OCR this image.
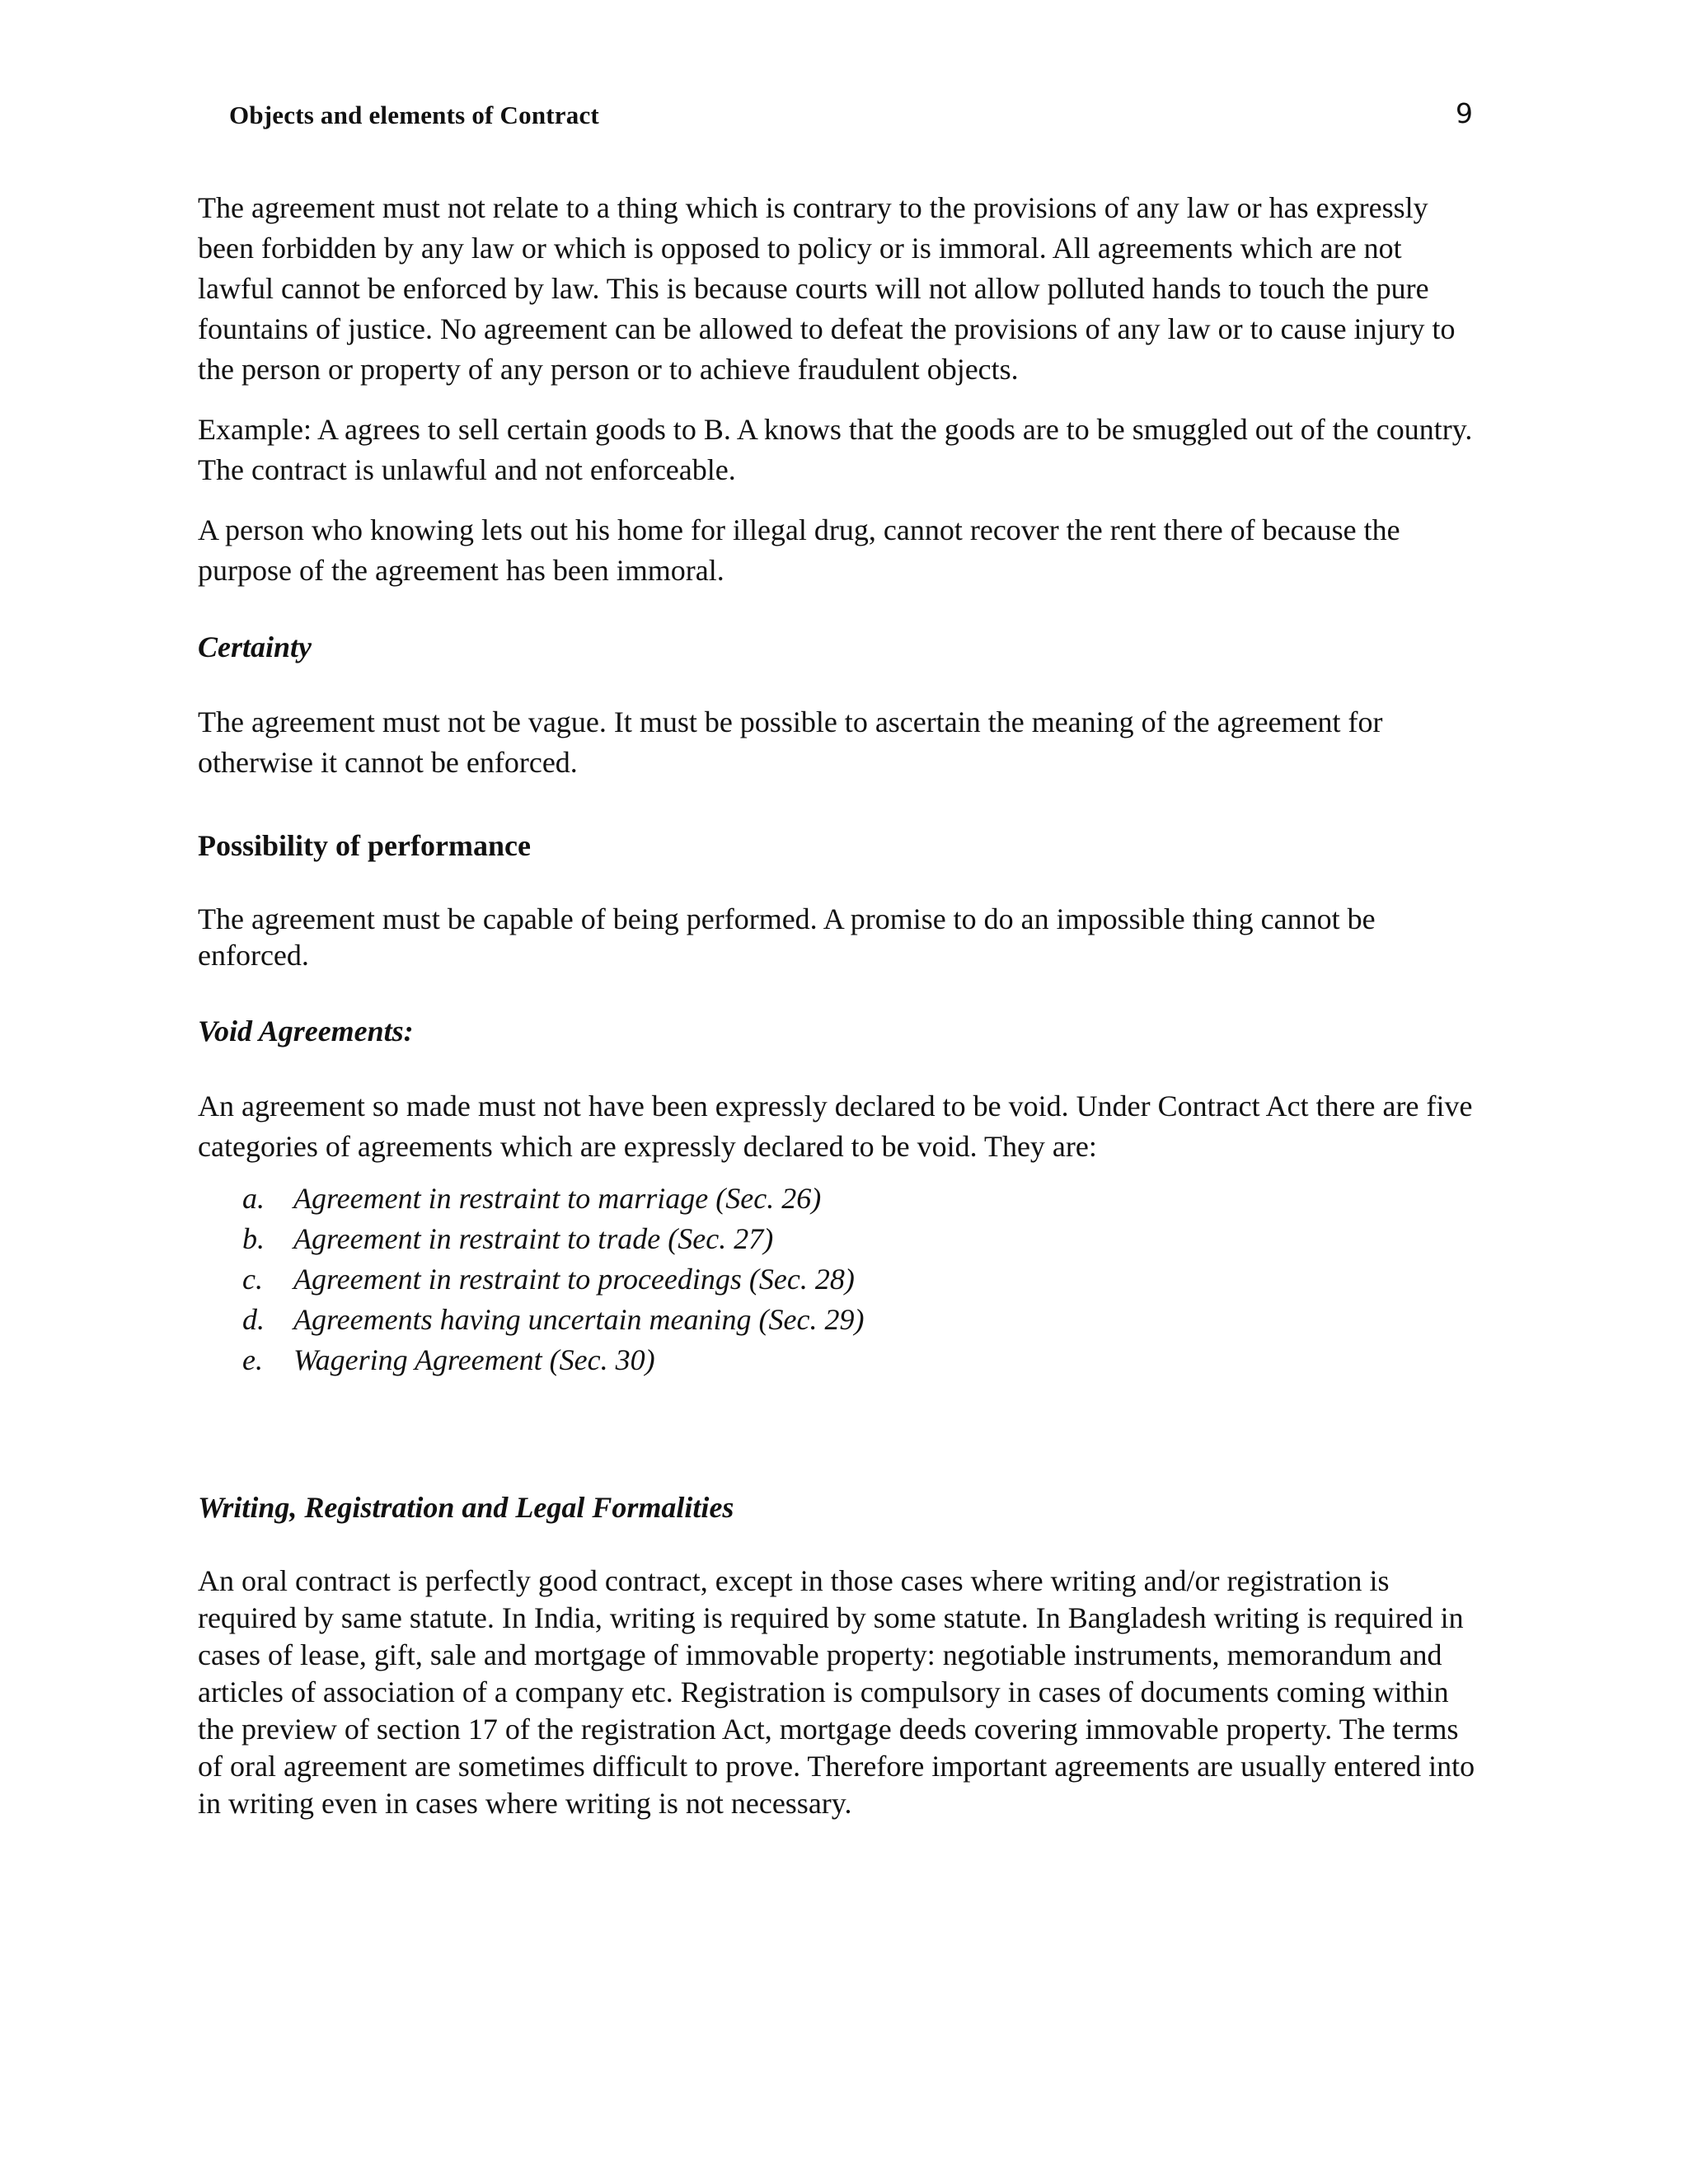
Objects and elements of Contract	9

The agreement must not relate to a thing which is contrary to the provisions of any law or has expressly been forbidden by any law or which is opposed to policy or is immoral. All agreements which are not lawful cannot be enforced by law. This is because courts will not allow polluted hands to touch the pure fountains of justice. No agreement can be allowed to defeat the provisions of any law or to cause injury to the person or property of any person or to achieve fraudulent objects.

Example: A agrees to sell certain goods to B. A knows that the goods are to be smuggled out of the country. The contract is unlawful and not enforceable.

A person who knowing lets out his home for illegal drug, cannot recover the rent there of because the purpose of the agreement has been immoral.

Certainty

The agreement must not be vague. It must be possible to ascertain the meaning of the agreement for otherwise it cannot be enforced.

Possibility of performance

The agreement must be capable of being performed. A promise to do an impossible thing cannot be enforced.

Void Agreements:

An agreement so made must not have been expressly declared to be void. Under Contract Act there are five categories of agreements which are expressly declared to be void. They are:

a. Agreement in restraint to marriage (Sec. 26)
b. Agreement in restraint to trade (Sec. 27)
c.	Agreement in restraint to proceedings (Sec. 28)
d. Agreements having uncertain meaning (Sec. 29)
e.	Wagering Agreement (Sec. 30)
Writing, Registration and Legal Formalities

An oral contract is perfectly good contract, except in those cases where writing and/or registration is required by same statute. In India, writing is required by some statute. In Bangladesh writing is required in cases of lease, gift, sale and mortgage of immovable property: negotiable instruments, memorandum and articles of association of a company etc. Registration is compulsory in cases of documents coming within the preview of section 17 of the registration Act, mortgage deeds covering immovable property. The terms of oral agreement are sometimes difficult to prove. Therefore important agreements are usually entered into in writing even in cases where writing is not necessary.
